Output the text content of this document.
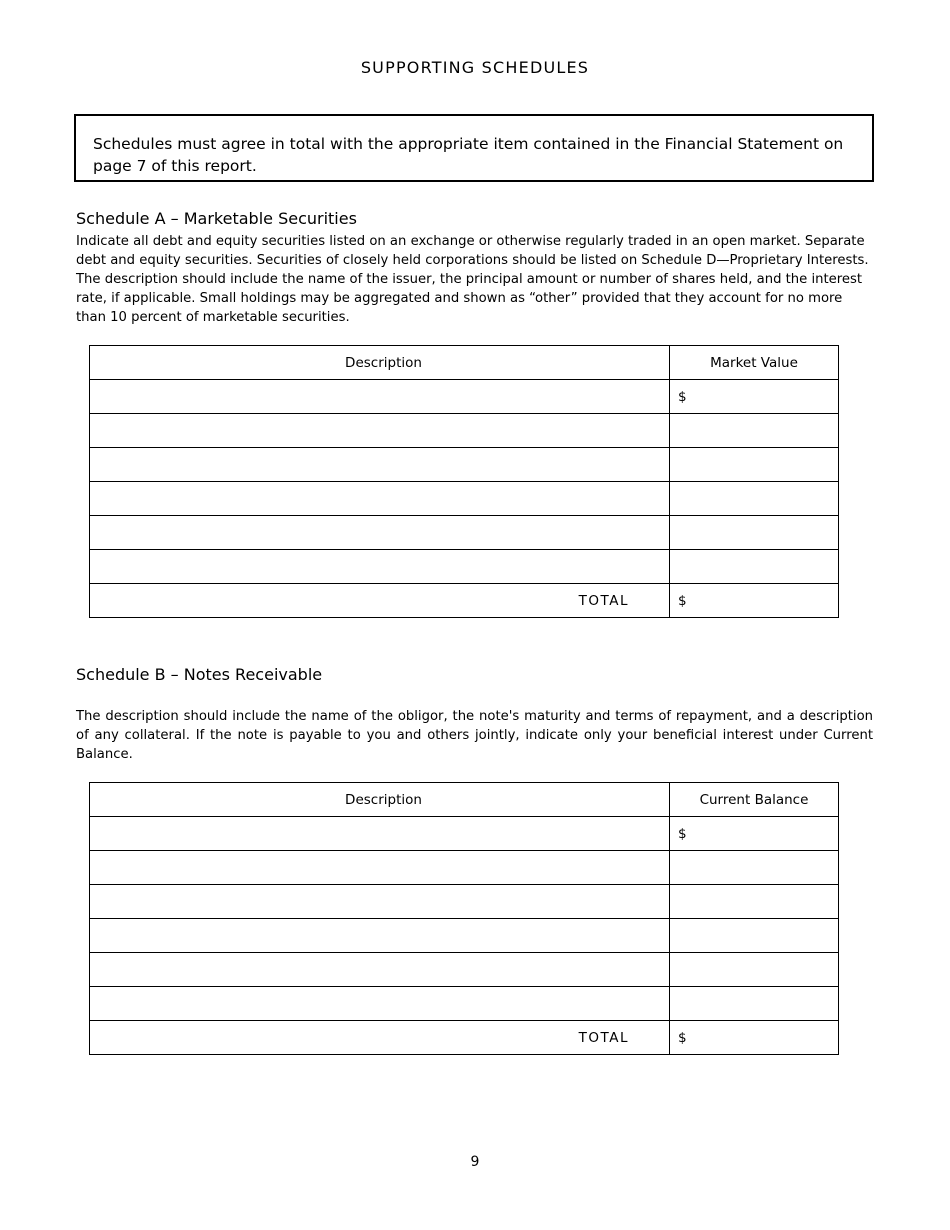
SUPPORTING SCHEDULES
Schedules must agree in total with the appropriate item contained in the Financial Statement on page 7 of this report.
Schedule A – Marketable Securities
Indicate all debt and equity securities listed on an exchange or otherwise regularly traded in an open market. Separate debt and equity securities. Securities of closely held corporations should be listed on Schedule D—Proprietary Interests. The description should include the name of the issuer, the principal amount or number of shares held, and the interest rate, if applicable. Small holdings may be aggregated and shown as “other” provided that they account for no more than 10 percent of marketable securities.
Description	Market Value
	$

TOTAL	$
Schedule B – Notes Receivable
The description should include the name of the obligor, the note's maturity and terms of repayment, and a description of any collateral. If the note is payable to you and others jointly, indicate only your beneficial interest under Current Balance.
Description	Current Balance
	$

TOTAL	$
9
